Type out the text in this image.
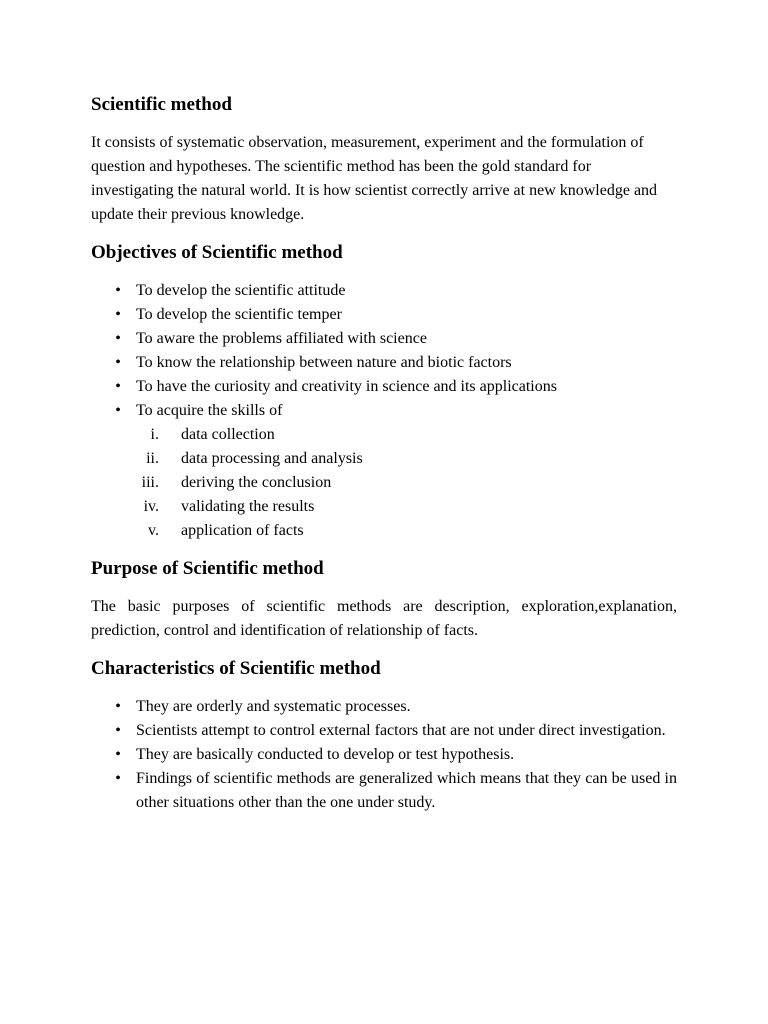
Scientific method

It consists of systematic observation, measurement, experiment and the formulation of question and hypotheses. The scientific method has been the gold standard for investigating the natural world. It is how scientist correctly arrive at new knowledge and update their previous knowledge.

Objectives of Scientific method
• To develop the scientific attitude
• To develop the scientific temper
• To aware the problems affiliated with science
• To know the relationship between nature and biotic factors
• To have the curiosity and creativity in science and its applications
• To acquire the skills of
i. data collection
ii. data processing and analysis
iii. deriving the conclusion
iv. validating the results
v. application of facts
Purpose of Scientific method

The basic purposes of scientific methods are description, exploration,explanation, prediction, control and identification of relationship of facts.

Characteristics of Scientific method
• They are orderly and systematic processes.
• Scientists attempt to control external factors that are not under direct investigation.
• They are basically conducted to develop or test hypothesis.
• Findings of scientific methods are generalized which means that they can be used in other situations other than the one under study.
